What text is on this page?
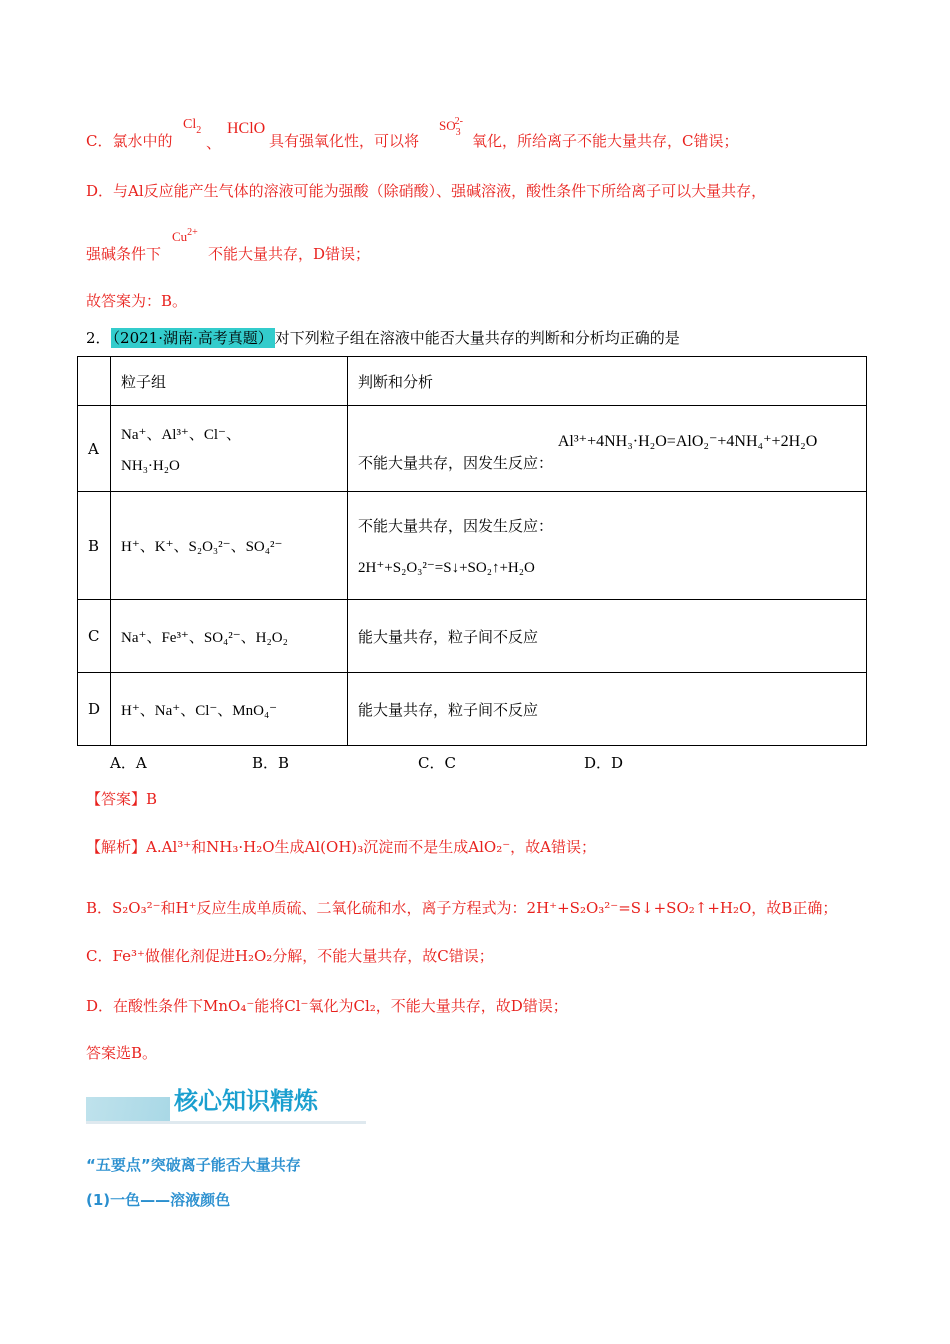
C．氯水中的
$Cl_2$
、
HClO
具有强氧化性，可以将
$SO_3^{2-}$
氧化，所给离子不能大量共存，C错误；
D．与Al反应能产生气体的溶液可能为强酸（除硝酸）、强碱溶液，酸性条件下所给离子可以大量共存，
强碱条件下
$Cu^{2+}$
不能大量共存，D错误；
故答案为：B。
2． （2021·湖南·高考真题） 对下列粒子组在溶液中能否大量共存的判断和分析均正确的是
	粒子组	判断和分析
A	Na⁺、Al³⁺、Cl⁻、
NH₃·H₂O	不能大量共存，因发生反应： Al³⁺+4NH₃·H₂O=AlO₂⁻+4NH₄⁺+2H₂O
B	H⁺、K⁺、S₂O₃²⁻、SO₄²⁻	不能大量共存，因发生反应：
2H⁺+S₂O₃²⁻=S↓+SO₂↑+H₂O

C	Na⁺、Fe³⁺、SO₄²⁻、H₂O₂	能大量共存，粒子间不反应
D	H⁺、Na⁺、Cl⁻、MnO₄⁻	能大量共存，粒子间不反应
A．A	B．B	C．C	D．D
【答案】B
【解析】A.Al³⁺和NH₃·H₂O生成Al(OH)₃沉淀而不是生成AlO₂⁻，故A错误；
B．S₂O₃²⁻和H⁺反应生成单质硫、二氧化硫和水，离子方程式为：2H⁺+S₂O₃²⁻=S↓+SO₂↑+H₂O，故B正确；
C．Fe³⁺做催化剂促进H₂O₂分解，不能大量共存，故C错误；
D．在酸性条件下MnO₄⁻能将Cl⁻氧化为Cl₂，不能大量共存，故D错误；
答案选B。
核心知识精炼
“五要点”突破离子能否大量共存
(1)一色——溶液颜色
